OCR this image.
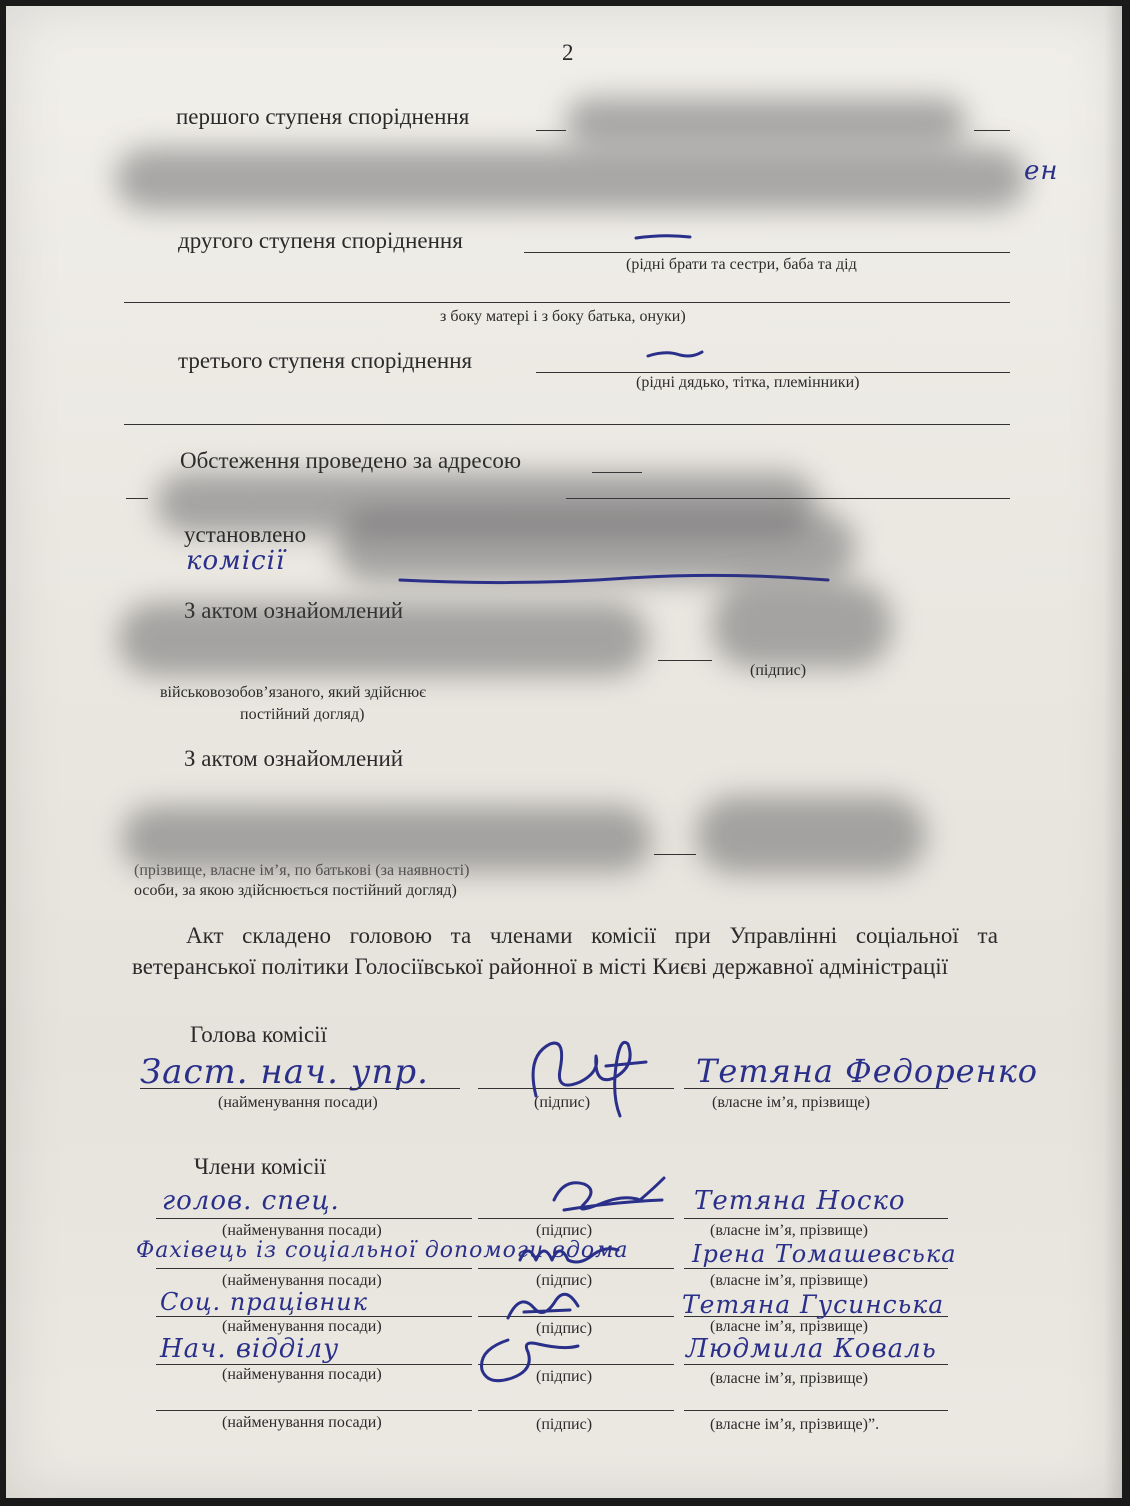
2
першого ступеня споріднення
ен
другого ступеня споріднення
(рідні брати та сестри, баба та дід
з боку матері і з боку батька, онуки)
третього ступеня споріднення
(рідні дядько, тітка, племінники)
Обстеження проведено за адресою
установлено
комісії
З актом ознайомлений
(підпис)
військовозобов’язаного, який здійснює
постійний догляд)
З актом ознайомлений
(прізвище, власне ім’я, по батькові (за наявності)
особи, за якою здійснюється постійний догляд)
Акт складено головою та членами комісії при Управлінні соціальної та ветеранської політики Голосіївської районної в місті Києві державної адміністрації
Голова комісії
Заст. нач. упр.	Тетяна Федоренко
(найменування посади)	(підпис)	(власне ім’я, прізвище)
Члени комісії
голов. спец.	Тетяна Носко
(найменування посади)	(підпис)	(власне ім’я, прізвище)
Фахівець із соціальної допомоги вдома	Ірена Томашевська
(найменування посади)	(підпис)	(власне ім’я, прізвище)
Соц. працівник	Тетяна Гусинська
(найменування посади)	(підпис)	(власне ім’я, прізвище)
Нач. відділу	Людмила Коваль
(найменування посади)	(підпис)	(власне ім’я, прізвище)
(найменування посади)	(підпис)	(власне ім’я, прізвище)”.
